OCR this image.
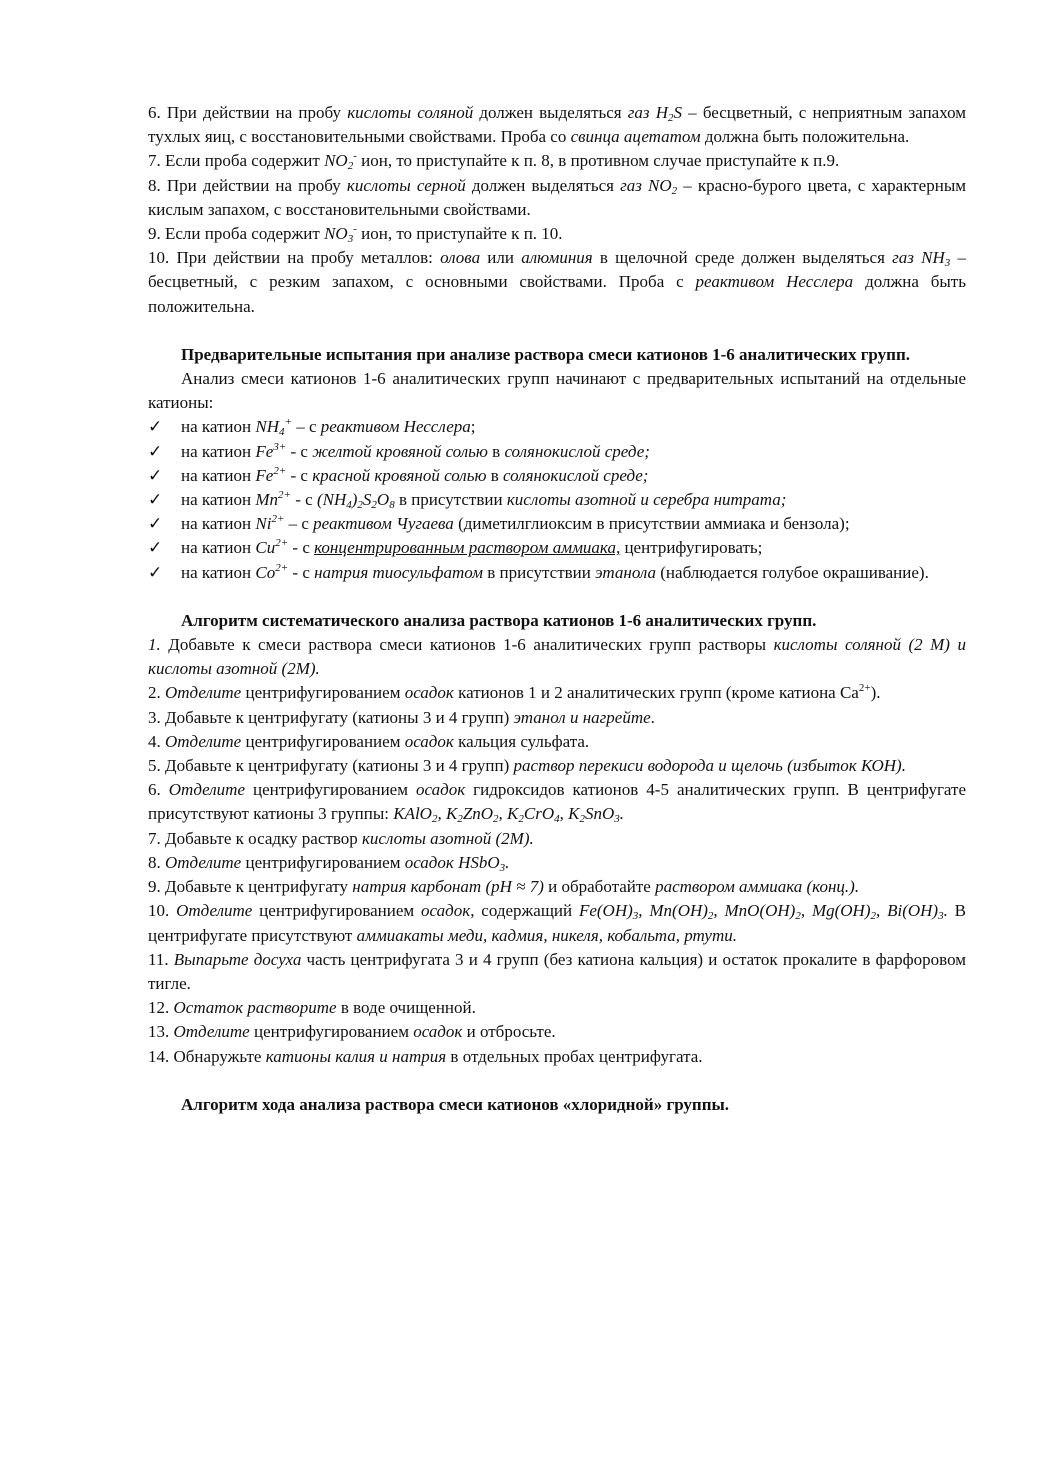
6. При действии на пробу кислоты соляной должен выделяться газ $H_2S$ – бесцветный, с неприятным запахом тухлых яиц, с восстановительными свойствами. Проба со свинца ацетатом должна быть положительна.

7. Если проба содержит $NO_2^-$ ион, то приступайте к п. 8, в противном случае приступайте к п.9.

8. При действии на пробу кислоты серной должен выделяться газ $NO_2$ – красно-бурого цвета, с характерным кислым запахом, с восстановительными свойствами.

9. Если проба содержит $NO_3^-$ ион, то приступайте к п. 10.

10. При действии на пробу металлов: олова или алюминия в щелочной среде должен выделяться газ $NH_3$ – бесцветный, с резким запахом, с основными свойствами. Проба с реактивом Несслера должна быть положительна.

Предварительные испытания при анализе раствора смеси катионов 1-6 аналитических групп.

Анализ смеси катионов 1-6 аналитических групп начинают с предварительных испытаний на отдельные катионы:

✓ на катион $NH_4^+$ – с реактивом Несслера;

✓ на катион $Fe^{3+}$ - с желтой кровяной солью в солянокислой среде;

✓ на катион $Fe^{2+}$ - с красной кровяной солью в солянокислой среде;

✓ на катион $Mn^{2+}$ - с $(NH_4)_2S_2O_8$ в присутствии кислоты азотной и серебра нитрата;

✓ на катион $Ni^{2+}$ – с реактивом Чугаева (диметилглиоксим в присутствии аммиака и бензола);

✓ на катион $Cu^{2+}$ - с концентрированным раствором аммиака, центрифугировать;

✓ на катион $Co^{2+}$ - с натрия тиосульфатом в присутствии этанола (наблюдается голубое окрашивание).

Алгоритм систематического анализа раствора катионов 1-6 аналитических групп.

1. Добавьте к смеси раствора смеси катионов 1-6 аналитических групп растворы кислоты соляной (2 М) и кислоты азотной (2М).

2. Отделите центрифугированием осадок катионов 1 и 2 аналитических групп (кроме катиона $Ca^{2+}$).

3. Добавьте к центрифугату (катионы 3 и 4 групп) этанол и нагрейте.

4. Отделите центрифугированием осадок кальция сульфата.

5. Добавьте к центрифугату (катионы 3 и 4 групп) раствор перекиси водорода и щелочь (избыток КОН).

6. Отделите центрифугированием осадок гидроксидов катионов 4-5 аналитических групп. В центрифугате присутствуют катионы 3 группы: KAlO$_2$, $K_2ZnO_2$, $K_2CrO_4$, $K_2SnO_3$.

7. Добавьте к осадку раствор кислоты азотной (2М).

8. Отделите центрифугированием осадок HSbO$_3$.

9. Добавьте к центрифугату натрия карбонат (pH ≈ 7) и обработайте раствором аммиака (конц.).

10. Отделите центрифугированием осадок, содержащий $Fe(OH)_3$, $Mn(OH)_2$, $MnO(OH)_2$, $Mg(OH)_2$, $Bi(OH)_3$. В центрифугате присутствуют аммиакаты меди, кадмия, никеля, кобальта, ртути.

11. Выпарьте досуха часть центрифугата 3 и 4 групп (без катиона кальция) и остаток прокалите в фарфоровом тигле.

12. Остаток растворите в воде очищенной.

13. Отделите центрифугированием осадок и отбросьте.

14. Обнаружьте катионы калия и натрия в отдельных пробах центрифугата.

Алгоритм хода анализа раствора смеси катионов «хлоридной» группы.
